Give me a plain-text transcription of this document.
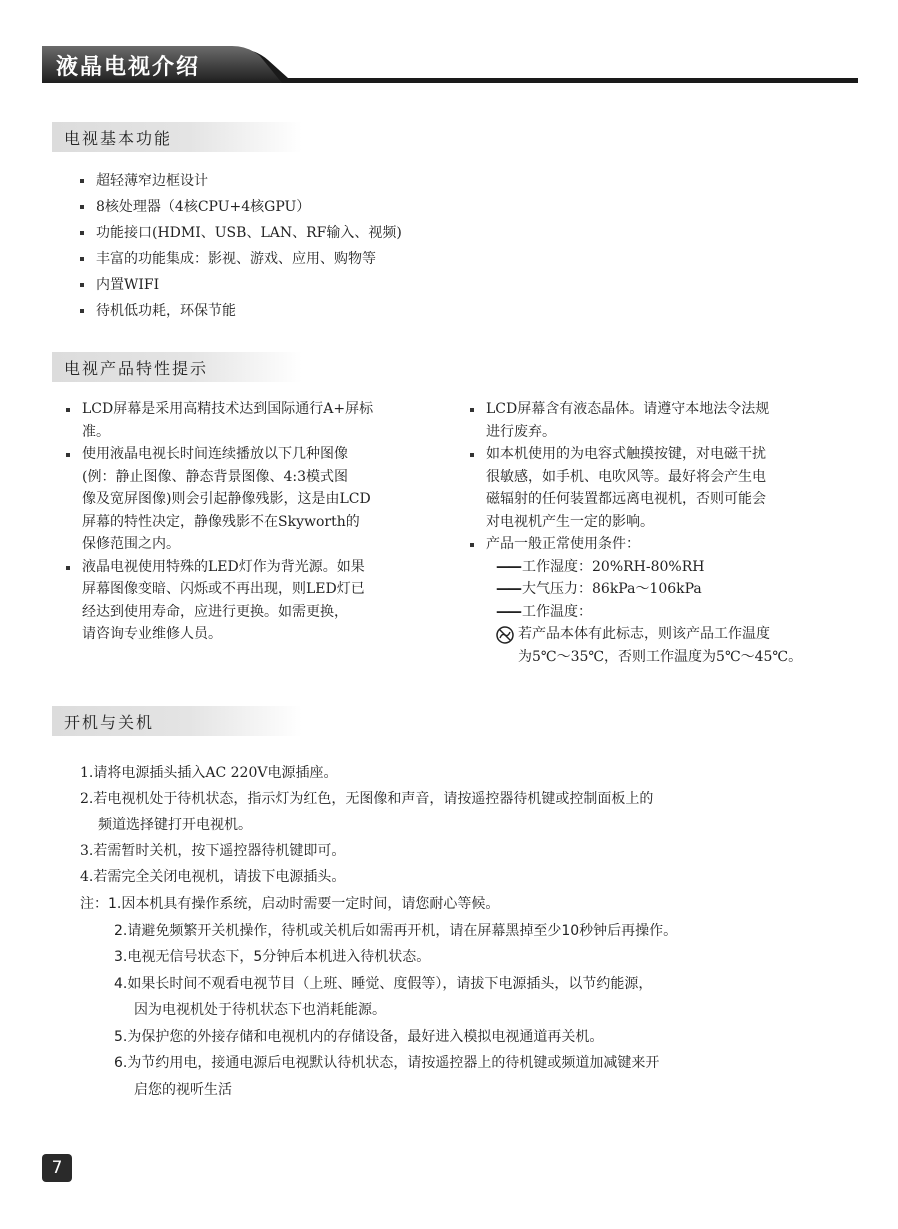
液晶电视介绍
电视基本功能
超轻薄窄边框设计
8核处理器（4核CPU+4核GPU）
功能接口(HDMI、USB、LAN、RF输入、视频)
丰富的功能集成：影视、游戏、应用、购物等
内置WIFI
待机低功耗，环保节能
电视产品特性提示
LCD屏幕是采用高精技术达到国际通行A+屏标
准。
使用液晶电视长时间连续播放以下几种图像
(例：静止图像、静态背景图像、4:3模式图
像及宽屏图像)则会引起静像残影，这是由LCD
屏幕的特性决定，静像残影不在Skyworth的
保修范围之内。
液晶电视使用特殊的LED灯作为背光源。如果
屏幕图像变暗、闪烁或不再出现，则LED灯已
经达到使用寿命，应进行更换。如需更换，
请咨询专业维修人员。
LCD屏幕含有液态晶体。请遵守本地法令法规
进行废弃。
如本机使用的为电容式触摸按键，对电磁干扰
很敏感，如手机、电吹风等。最好将会产生电
磁辐射的任何装置都远离电视机，否则可能会
对电视机产生一定的影响。
产品一般正常使用条件：
—— 工作湿度：20%RH-80%RH
—— 大气压力：86kPa～106kPa
—— 工作温度：
若产品本体有此标志，则该产品工作温度
为5℃～35℃，否则工作温度为5℃～45℃。
开机与关机
1.请将电源插头插入AC 220V电源插座。
2.若电视机处于待机状态，指示灯为红色，无图像和声音，请按遥控器待机键或控制面板上的
频道选择键打开电视机。
3.若需暂时关机，按下遥控器待机键即可。
4.若需完全关闭电视机，请拔下电源插头。
注：1.因本机具有操作系统，启动时需要一定时间，请您耐心等候。
2.请避免频繁开关机操作，待机或关机后如需再开机，请在屏幕黑掉至少10秒钟后再操作。
3.电视无信号状态下，5分钟后本机进入待机状态。
4.如果长时间不观看电视节目（上班、睡觉、度假等），请拔下电源插头，以节约能源，
因为电视机处于待机状态下也消耗能源。
5.为保护您的外接存储和电视机内的存储设备，最好进入模拟电视通道再关机。
6.为节约用电，接通电源后电视默认待机状态，请按遥控器上的待机键或频道加减键来开
启您的视听生活
7
